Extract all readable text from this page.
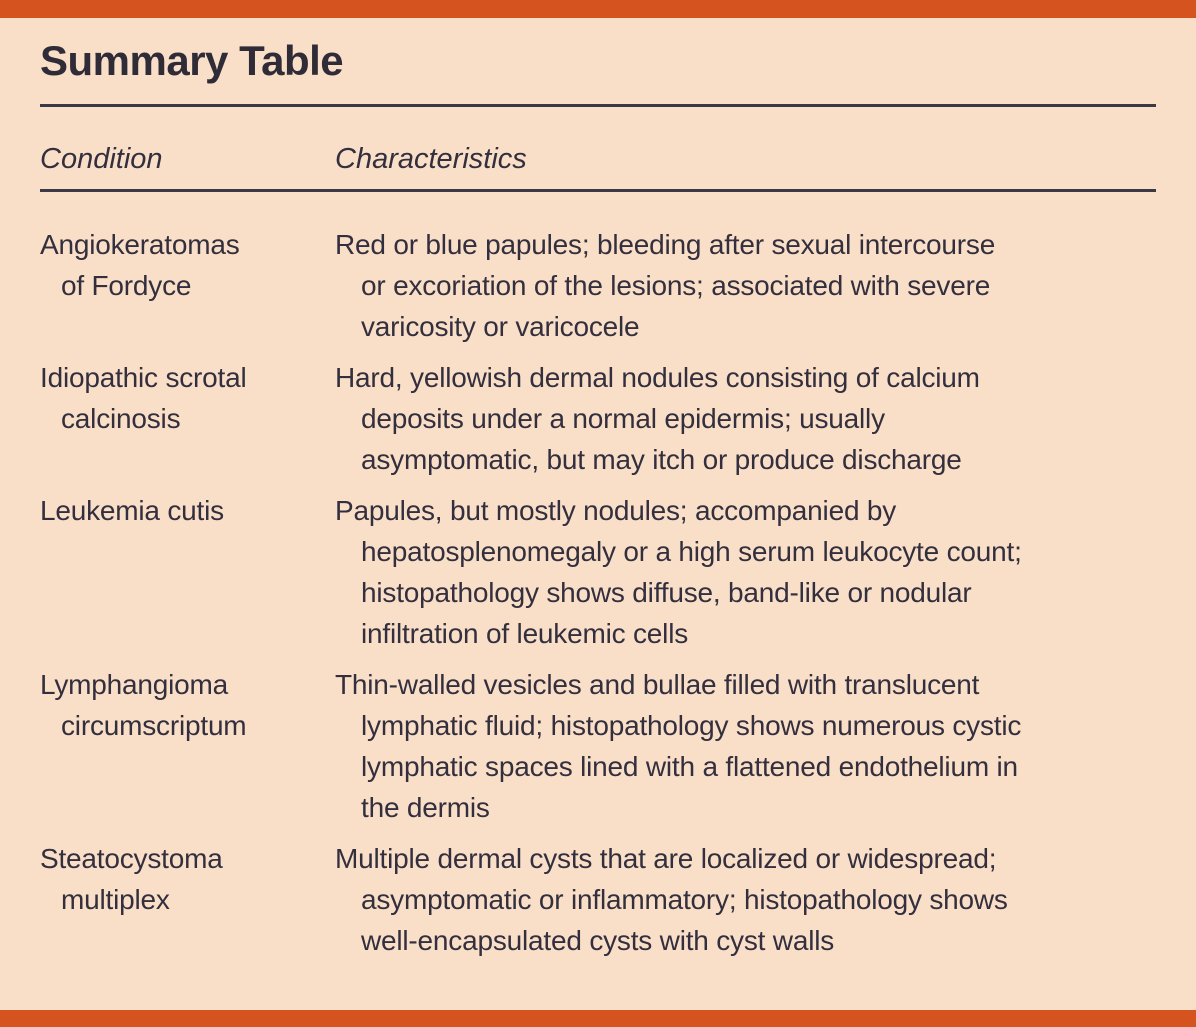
Summary Table
Condition	Characteristics
Angiokeratomas
of Fordyce
Red or blue papules; bleeding after sexual intercourse
or excoriation of the lesions; associated with severe
varicosity or varicocele
Idiopathic scrotal
calcinosis
Hard, yellowish dermal nodules consisting of calcium
deposits under a normal epidermis; usually
asymptomatic, but may itch or produce discharge
Leukemia cutis	Papules, but mostly nodules; accompanied by
hepatosplenomegaly or a high serum leukocyte count;
histopathology shows diffuse, band-like or nodular
infiltration of leukemic cells
Lymphangioma
circumscriptum
Thin-walled vesicles and bullae filled with translucent
lymphatic fluid; histopathology shows numerous cystic
lymphatic spaces lined with a flattened endothelium in
the dermis
Steatocystoma
multiplex
Multiple dermal cysts that are localized or widespread;
asymptomatic or inflammatory; histopathology shows
well-encapsulated cysts with cyst walls
